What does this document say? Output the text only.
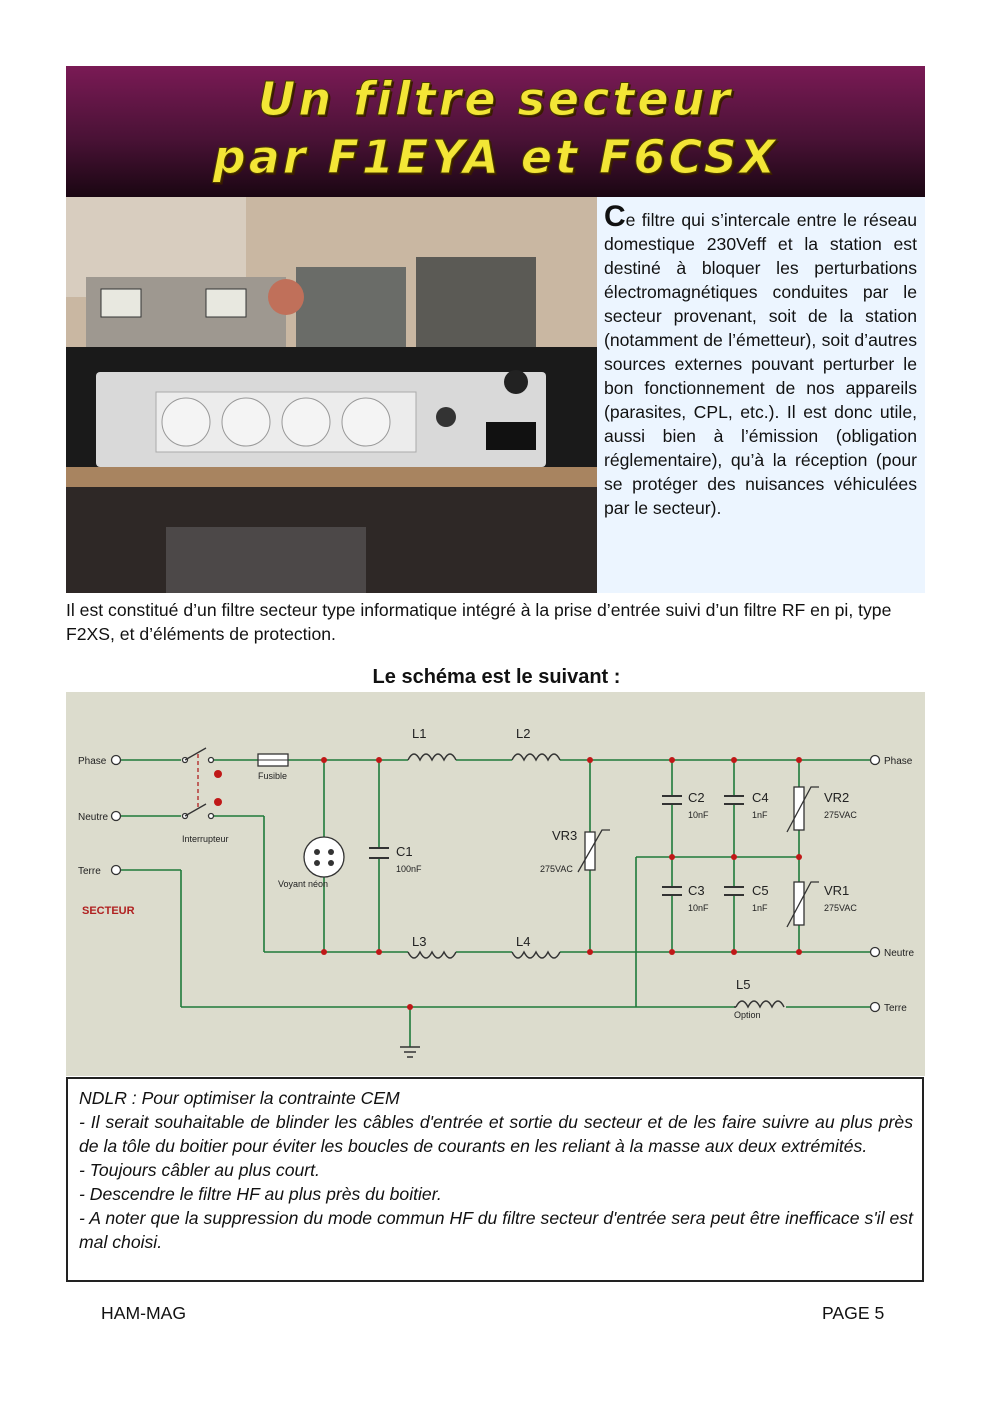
Un filtre secteur
par F1EYA et F6CSX
Ce filtre qui s’intercale entre le réseau domestique 230Veff et la station est destiné à bloquer les perturbations électromagnétiques conduites par le secteur provenant, soit de la station (notamment de l’émetteur), soit d’autres sources externes pouvant perturber le bon fonctionnement de nos appareils (parasites, CPL, etc.). Il est donc utile, aussi bien à l’émission (obligation réglementaire), qu’à la réception (pour se protéger des nuisances véhiculées par le secteur).
Il est constitué d’un filtre secteur type informatique intégré à la prise d’entrée suivi d’un filtre RF en pi, type F2XS, et d’éléments de protection.
Le schéma est le suivant :
Phase
Neutre
Terre
Phase
Neutre
Terre
Fusible
Interrupteur
Voyant néon
L1	L2
L3	L4
L5
Option
C1
100nF
C2
10nF
C3
10nF
C4
1nF
C5
1nF
VR2
275VAC
VR1
275VAC
VR3
275VAC
SECTEUR

NDLR : Pour optimiser la contrainte CEM

- Il serait souhaitable de blinder les câbles d'entrée et sortie du secteur et de les faire suivre au plus près de la tôle du boitier pour éviter les boucles de courants en les reliant à la masse aux deux extrémités.

- Toujours câbler au plus court.

- Descendre le filtre HF au plus près du boitier.

- A noter que la suppression du mode commun HF du filtre secteur d'entrée sera peut être inefficace s'il est mal choisi.

HAM-MAG	PAGE 5
